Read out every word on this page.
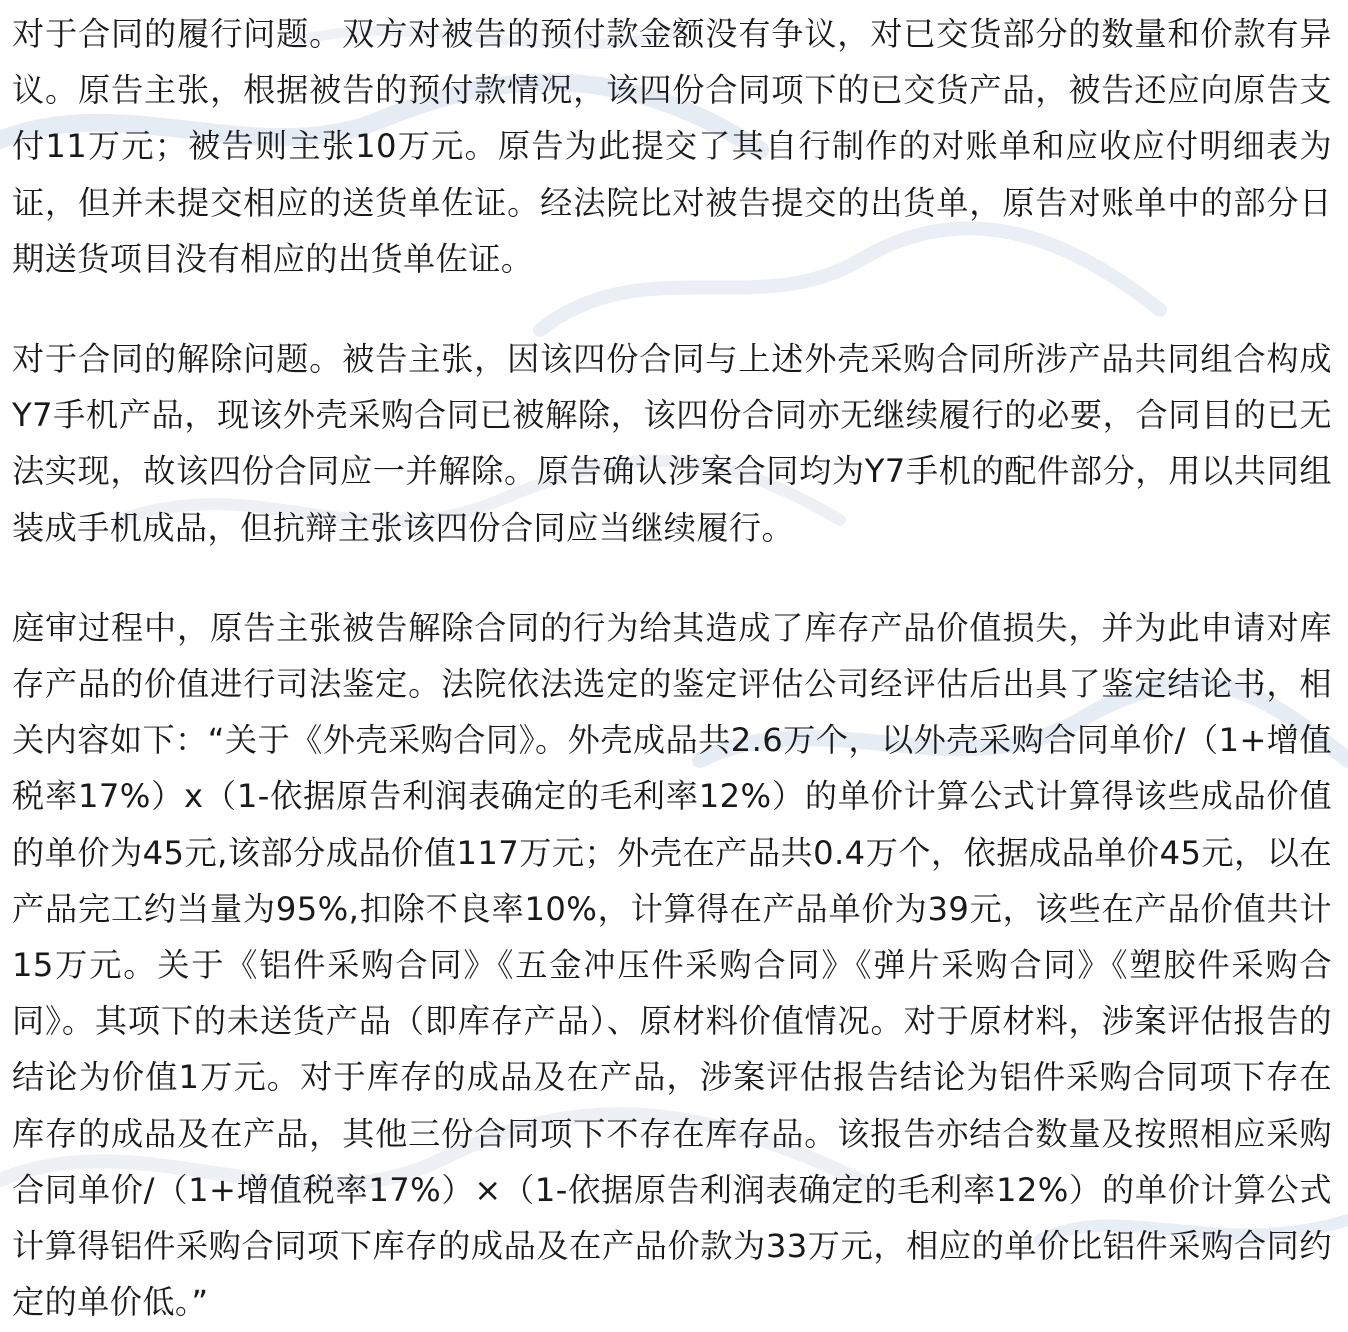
对于合同的履行问题。双方对被告的预付款金额没有争议，对已交货部分的数量和价款有异议。原告主张，根据被告的预付款情况，该四份合同项下的已交货产品，被告还应向原告支付11万元；被告则主张10万元。原告为此提交了其自行制作的对账单和应收应付明细表为证，但并未提交相应的送货单佐证。经法院比对被告提交的出货单，原告对账单中的部分日期送货项目没有相应的出货单佐证。

对于合同的解除问题。被告主张，因该四份合同与上述外壳采购合同所涉产品共同组合构成Y7手机产品，现该外壳采购合同已被解除，该四份合同亦无继续履行的必要，合同目的已无法实现，故该四份合同应一并解除。原告确认涉案合同均为Y7手机的配件部分，用以共同组装成手机成品，但抗辩主张该四份合同应当继续履行。

庭审过程中，原告主张被告解除合同的行为给其造成了库存产品价值损失，并为此申请对库存产品的价值进行司法鉴定。法院依法选定的鉴定评估公司经评估后出具了鉴定结论书，相关内容如下：“关于《外壳采购合同》。外壳成品共2.6万个，以外壳采购合同单价/（1+增值税率17%）x（1-依据原告利润表确定的毛利率12%）的单价计算公式计算得该些成品价值的单价为45元,该部分成品价值117万元；外壳在产品共0.4万个，依据成品单价45元，以在产品完工约当量为95%,扣除不良率10%，计算得在产品单价为39元，该些在产品价值共计15万元。关于《铝件采购合同》《五金冲压件采购合同》《弹片采购合同》《塑胶件采购合同》。其项下的未送货产品（即库存产品）、原材料价值情况。对于原材料，涉案评估报告的结论为价值1万元。对于库存的成品及在产品，涉案评估报告结论为铝件采购合同项下存在库存的成品及在产品，其他三份合同项下不存在库存品。该报告亦结合数量及按照相应采购合同单价/（1+增值税率17%）×（1-依据原告利润表确定的毛利率12%）的单价计算公式计算得铝件采购合同项下库存的成品及在产品价款为33万元，相应的单价比铝件采购合同约定的单价低。”
